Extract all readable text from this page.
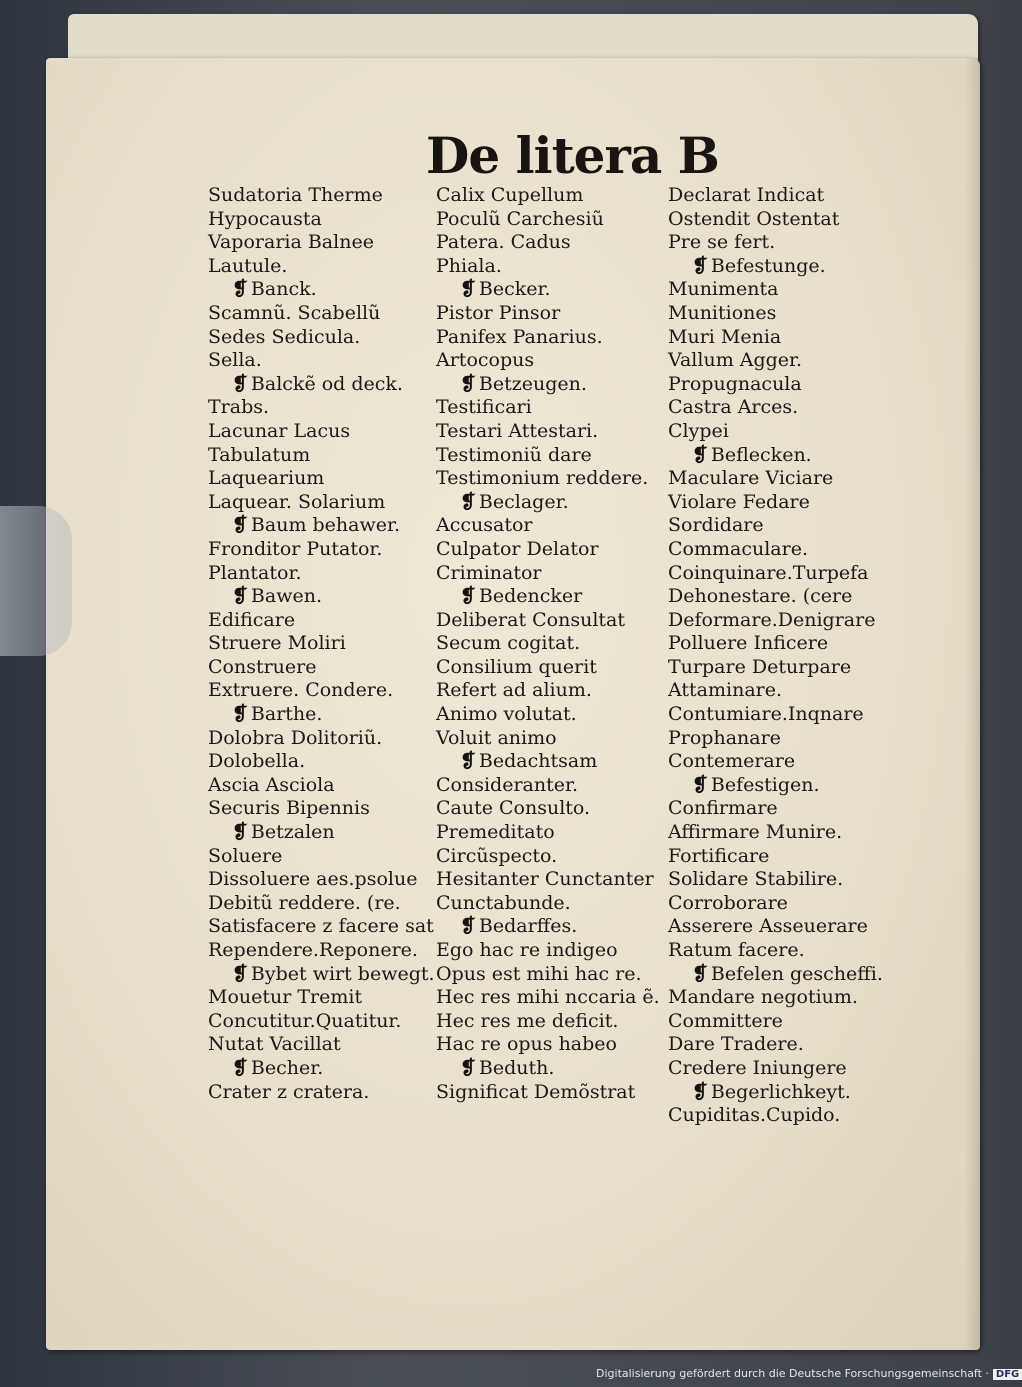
De litera B
Sudatoria Therme
Hypocausta
Vaporaria Balnee
Lautule.
❡ Banck.
Scamnũ. Scabellũ
Sedes Sedicula.
Sella.
❡ Balckẽ od deck.
Trabs.
Lacunar Lacus
Tabulatum
Laquearium
Laquear. Solarium
❡ Baum behawer.
Fronditor Putator.
Plantator.
❡ Bawen.
Edificare
Struere Moliri
Construere
Extruere. Condere.
❡ Barthe.
Dolobra Dolitoriũ.
Dolobella.
Ascia Asciola
Securis Bipennis
❡ Betzalen
Soluere
Dissoluere aes.psolue
Debitũ reddere. (re.
Satisfacere z facere sat
Rependere.Reponere.
❡ Bybet wirt bewegt.
Mouetur Tremit
Concutitur.Quatitur.
Nutat Vacillat
❡ Becher.
Crater z cratera.
Calix Cupellum
Poculũ Carchesiũ
Patera. Cadus
Phiala.
❡ Becker.
Pistor Pinsor
Panifex Panarius.
Artocopus
❡ Betzeugen.
Testificari
Testari Attestari.
Testimoniũ dare
Testimonium reddere.
❡ Beclager.
Accusator
Culpator Delator
Criminator
❡ Bedencker
Deliberat Consultat
Secum cogitat.
Consilium querit
Refert ad alium.
Animo volutat.
Voluit animo
❡ Bedachtsam
Consideranter.
Caute Consulto.
Premeditato
Circũspecto.
Hesitanter Cunctanter
Cunctabunde.
❡ Bedarffes.
Ego hac re indigeo
Opus est mihi hac re.
Hec res mihi nccaria ẽ.
Hec res me deficit.
Hac re opus habeo
❡ Beduth.
Significat Demõstrat
Declarat Indicat
Ostendit Ostentat
Pre se fert.
❡ Befestunge.
Munimenta
Munitiones
Muri Menia
Vallum Agger.
Propugnacula
Castra Arces.
Clypei
❡ Beflecken.
Maculare Viciare
Violare Fedare
Sordidare
Commaculare.
Coinquinare.Turpefa
Dehonestare. (cere
Deformare.Denigrare
Polluere Inficere
Turpare Deturpare
Attaminare.
Contumiare.Inqnare
Prophanare
Contemerare
❡ Befestigen.
Confirmare
Affirmare Munire.
Fortificare
Solidare Stabilire.
Corroborare
Asserere Asseuerare
Ratum facere.
❡ Befelen gescheffi.
Mandare negotium.
Committere
Dare Tradere.
Credere Iniungere
❡ Begerlichkeyt.
Cupiditas.Cupido.
Digitalisierung gefördert durch die Deutsche Forschungsgemeinschaft · DFG
